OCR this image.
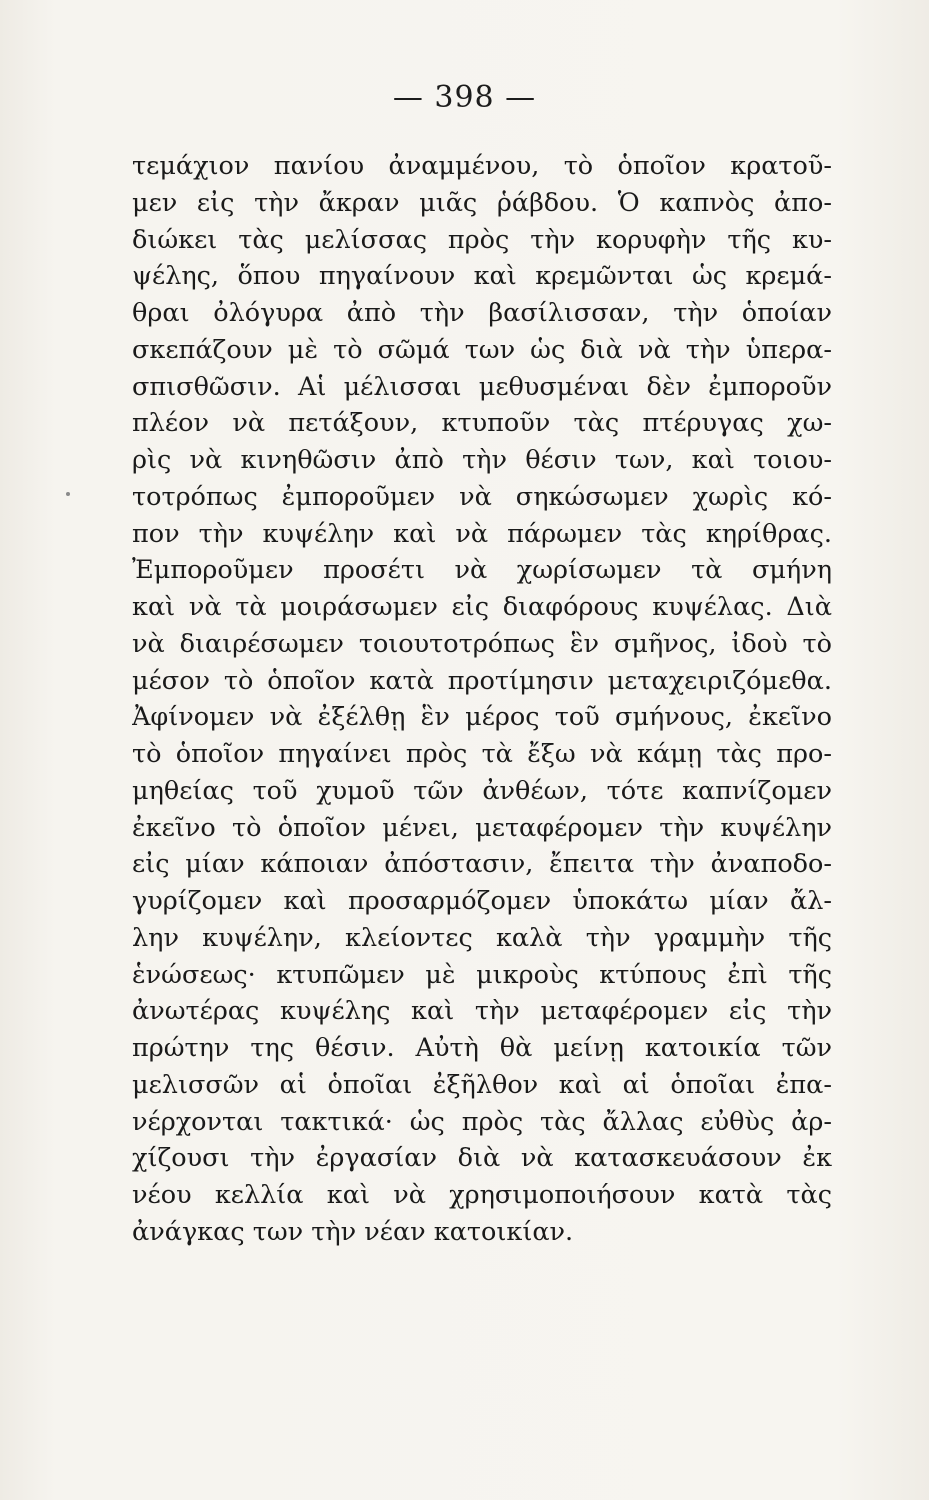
— 398 —
τεμάχιον πανίου ἀναμμένου, τὸ ὁποῖον κρατοῦ-
μεν εἰς τὴν ἄκραν μιᾶς ῥάβδου. Ὁ καπνὸς ἀπο-
διώκει τὰς μελίσσας πρὸς τὴν κορυφὴν τῆς κυ-
ψέλης, ὅπου πηγαίνουν καὶ κρεμῶνται ὡς κρεμά-
θραι ὀλόγυρα ἀπὸ τὴν βασίλισσαν, τὴν ὁποίαν
σκεπάζουν μὲ τὸ σῶμά των ὡς διὰ νὰ τὴν ὑπερα-
σπισθῶσιν. Αἱ μέλισσαι μεθυσμέναι δὲν ἐμποροῦν
πλέον νὰ πετάξουν, κτυποῦν τὰς πτέρυγας χω-
ρὶς νὰ κινηθῶσιν ἀπὸ τὴν θέσιν των, καὶ τοιου-
τοτρόπως ἐμποροῦμεν νὰ σηκώσωμεν χωρὶς κό-
πον τὴν κυψέλην καὶ νὰ πάρωμεν τὰς κηρίθρας.
Ἐμποροῦμεν προσέτι νὰ χωρίσωμεν τὰ σμήνη
καὶ νὰ τὰ μοιράσωμεν εἰς διαφόρους κυψέλας. Διὰ
νὰ διαιρέσωμεν τοιουτοτρόπως ἓν σμῆνος, ἰδοὺ τὸ
μέσον τὸ ὁποῖον κατὰ προτίμησιν μεταχειριζόμεθα.
Ἀφίνομεν νὰ ἐξέλθῃ ἓν μέρος τοῦ σμήνους, ἐκεῖνο
τὸ ὁποῖον πηγαίνει πρὸς τὰ ἔξω νὰ κάμῃ τὰς προ-
μηθείας τοῦ χυμοῦ τῶν ἀνθέων, τότε καπνίζομεν
ἐκεῖνο τὸ ὁποῖον μένει, μεταφέρομεν τὴν κυψέλην
εἰς μίαν κάποιαν ἀπόστασιν, ἔπειτα τὴν ἀναποδο-
γυρίζομεν καὶ προσαρμόζομεν ὑποκάτω μίαν ἄλ-
λην κυψέλην, κλείοντες καλὰ τὴν γραμμὴν τῆς
ἑνώσεως· κτυπῶμεν μὲ μικροὺς κτύπους ἐπὶ τῆς
ἀνωτέρας κυψέλης καὶ τὴν μεταφέρομεν εἰς τὴν
πρώτην της θέσιν. Αὐτὴ θὰ μείνῃ κατοικία τῶν
μελισσῶν αἱ ὁποῖαι ἐξῆλθον καὶ αἱ ὁποῖαι ἐπα-
νέρχονται τακτικά· ὡς πρὸς τὰς ἄλλας εὐθὺς ἀρ-
χίζουσι τὴν ἐργασίαν διὰ νὰ κατασκευάσουν ἐκ
νέου κελλία καὶ νὰ χρησιμοποιήσουν κατὰ τὰς
ἀνάγκας των τὴν νέαν κατοικίαν.
